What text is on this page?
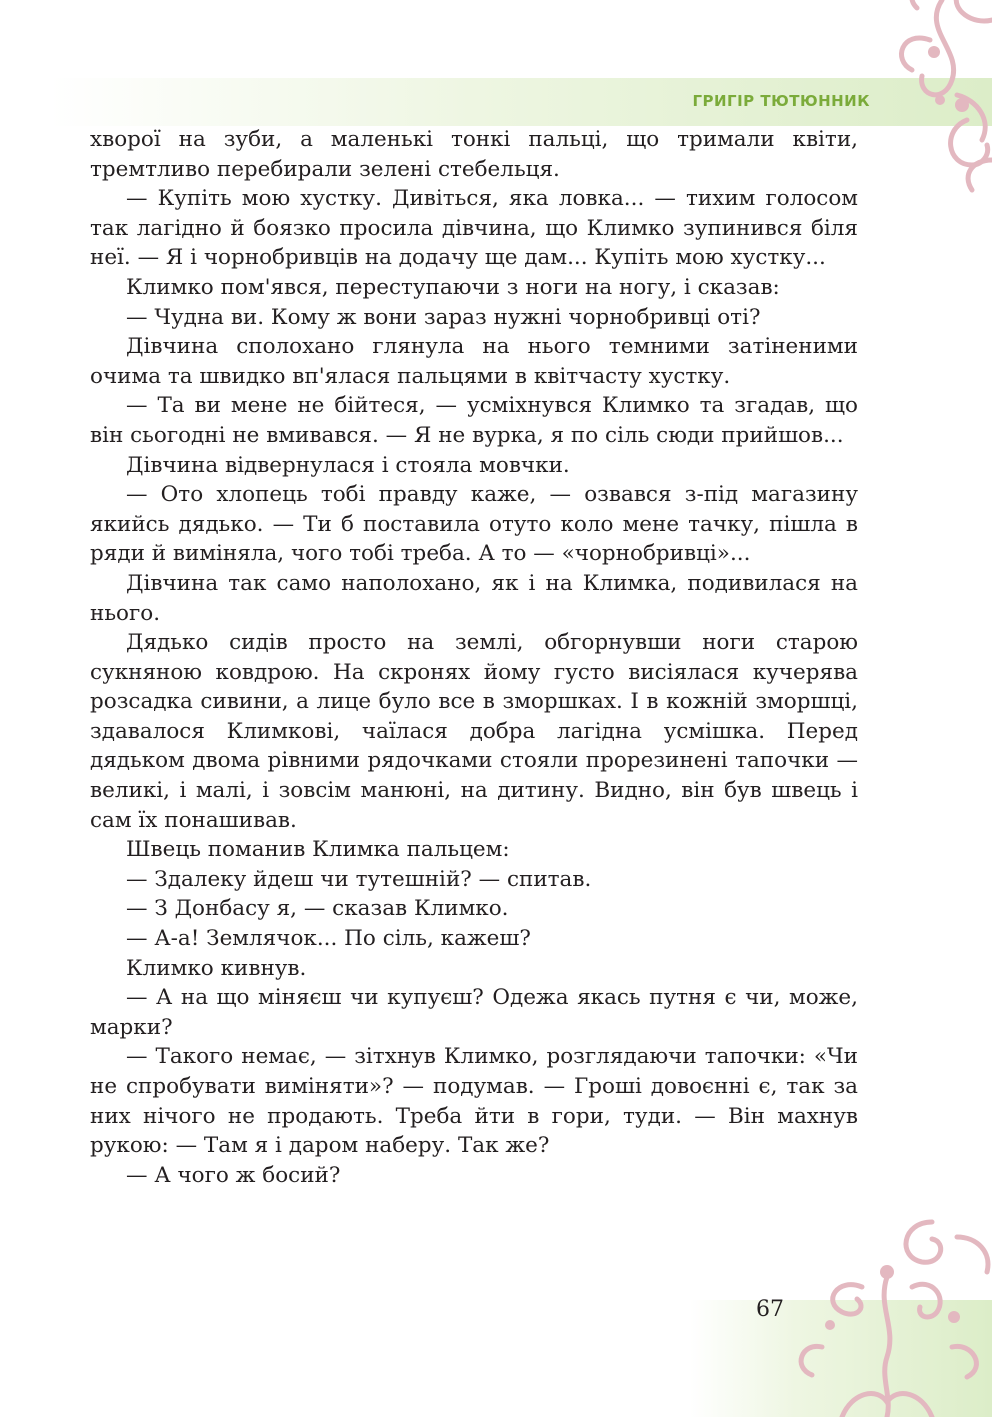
ГРИГІР ТЮТЮННИК

хворої на зуби, а маленькі тонкі пальці, що тримали квіти, тремтливо перебирали зелені стебельця.

— Купіть мою хустку. Дивіться, яка ловка... — тихим голосом так лагідно й боязко просила дівчина, що Климко зупинився біля неї. — Я і чорнобривців на додачу ще дам... Купіть мою хустку...

Климко пом'явся, переступаючи з ноги на ногу, і сказав:

— Чудна ви. Кому ж вони зараз нужні чорнобривці оті?

Дівчина сполохано глянула на нього темними затіненими очима та швидко вп'ялася пальцями в квітчасту хустку.

— Та ви мене не бійтеся, — усміхнувся Климко та згадав, що він сьогодні не вмивався. — Я не вурка, я по сіль сюди прийшов...

Дівчина відвернулася і стояла мовчки.

— Ото хлопець тобі правду каже, — озвався з-під магазину якийсь дядько. — Ти б поставила отуто коло мене тачку, пішла в ряди й виміняла, чого тобі треба. А то — «чорнобривці»...

Дівчина так само наполохано, як і на Климка, подивилася на нього.

Дядько сидів просто на землі, обгорнувши ноги старою сукняною ковдрою. На скронях йому густо висіялася кучерява розсадка сивини, а лице було все в зморшках. І в кожній зморшці, здавалося Климкові, чаїлася добра лагідна усмішка. Перед дядьком двома рівними рядочками стояли прорезинені тапочки — великі, і малі, і зовсім манюні, на дитину. Видно, він був швець і сам їх понашивав.

Швець поманив Климка пальцем:

— Здалеку йдеш чи тутешній? — спитав.

— З Донбасу я, — сказав Климко.

— А-а! Землячок... По сіль, кажеш?

Климко кивнув.

— А на що міняєш чи купуєш? Одежа якась путня є чи, може, марки?

— Такого немає, — зітхнув Климко, розглядаючи тапочки: «Чи не спробувати виміняти»? — подумав. — Гроші довоєнні є, так за них нічого не продають. Треба йти в гори, туди. — Він махнув рукою: — Там я і даром наберу. Так же?

— А чого ж босий?

67
